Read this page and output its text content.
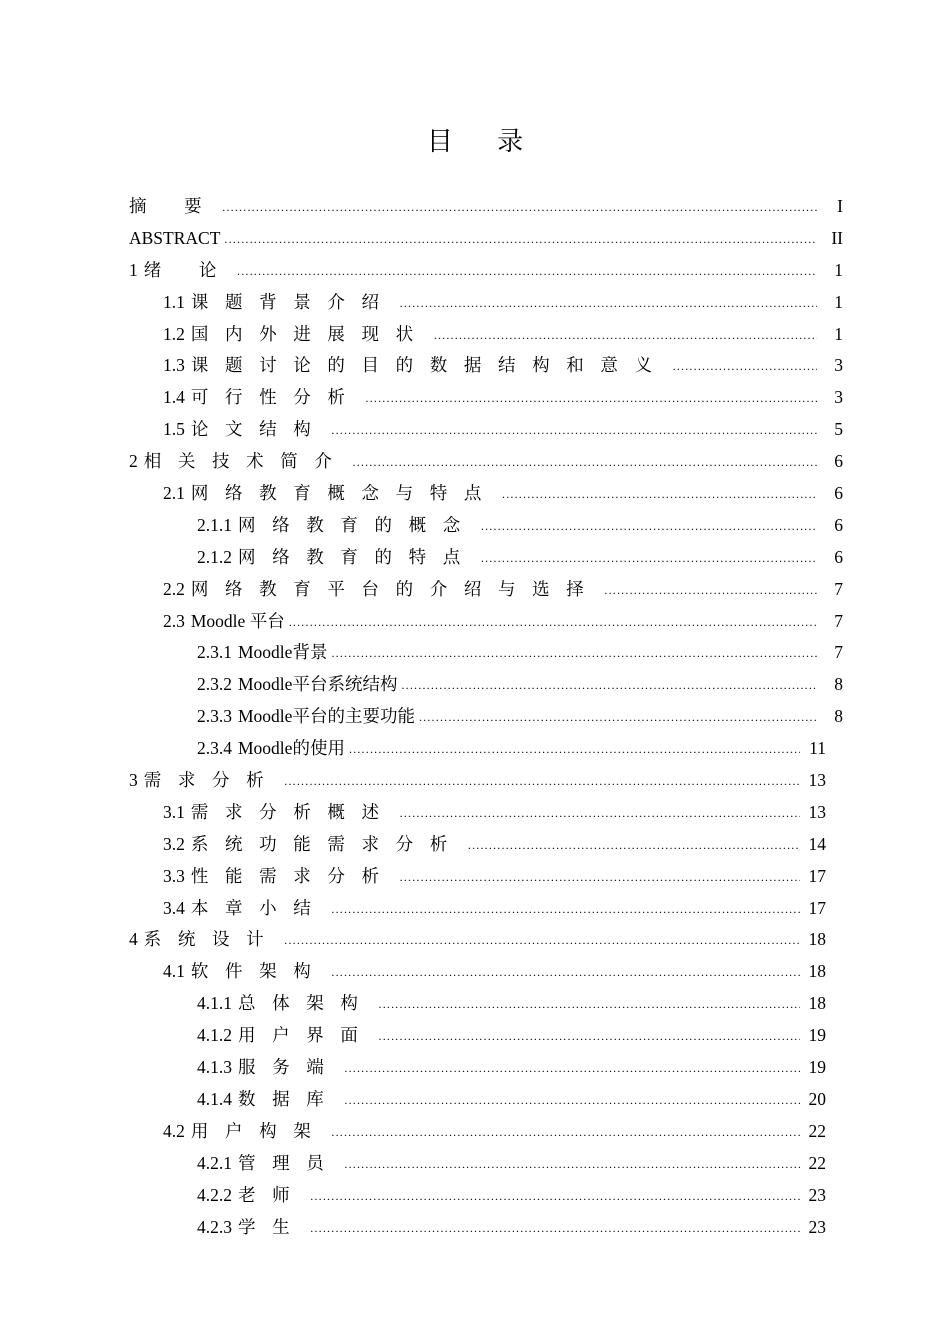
目 录
摘 要 .....	I
ABSTRACT .....	II
1 绪 论 .....	1
1.1 课题背景介绍 .....	1
1.2 国内外进展现状 .....	1
1.3 课题讨论的目的数据结构和意义 .....	3
1.4 可行性分析 .....	3
1.5 论文结构 .....	5
2 相关技术简介 .....	6
2.1 网络教育概念与特点 .....	6
2.1.1 网络教育的概念 .....	6
2.1.2 网络教育的特点 .....	6
2.2 网络教育平台的介绍与选择 .....	7
2.3 Moodle 平台 .....	7
2.3.1 Moodle背景 .....	7
2.3.2 Moodle平台系统结构 .....	8
2.3.3 Moodle平台的主要功能 .....	8
2.3.4 Moodle的使用 .....	11
3 需求分析 .....	13
3.1 需求分析概述 .....	13
3.2 系统功能需求分析 .....	14
3.3 性能需求分析 .....	17
3.4 本章小结 .....	17
4 系统设计 .....	18
4.1 软件架构 .....	18
4.1.1 总体架构 .....	18
4.1.2 用户界面 .....	19
4.1.3 服务端 .....	19
4.1.4 数据库 .....	20
4.2 用户构架 .....	22
4.2.1 管理员 .....	22
4.2.2 老师 .....	23
4.2.3 学生 .....	23
